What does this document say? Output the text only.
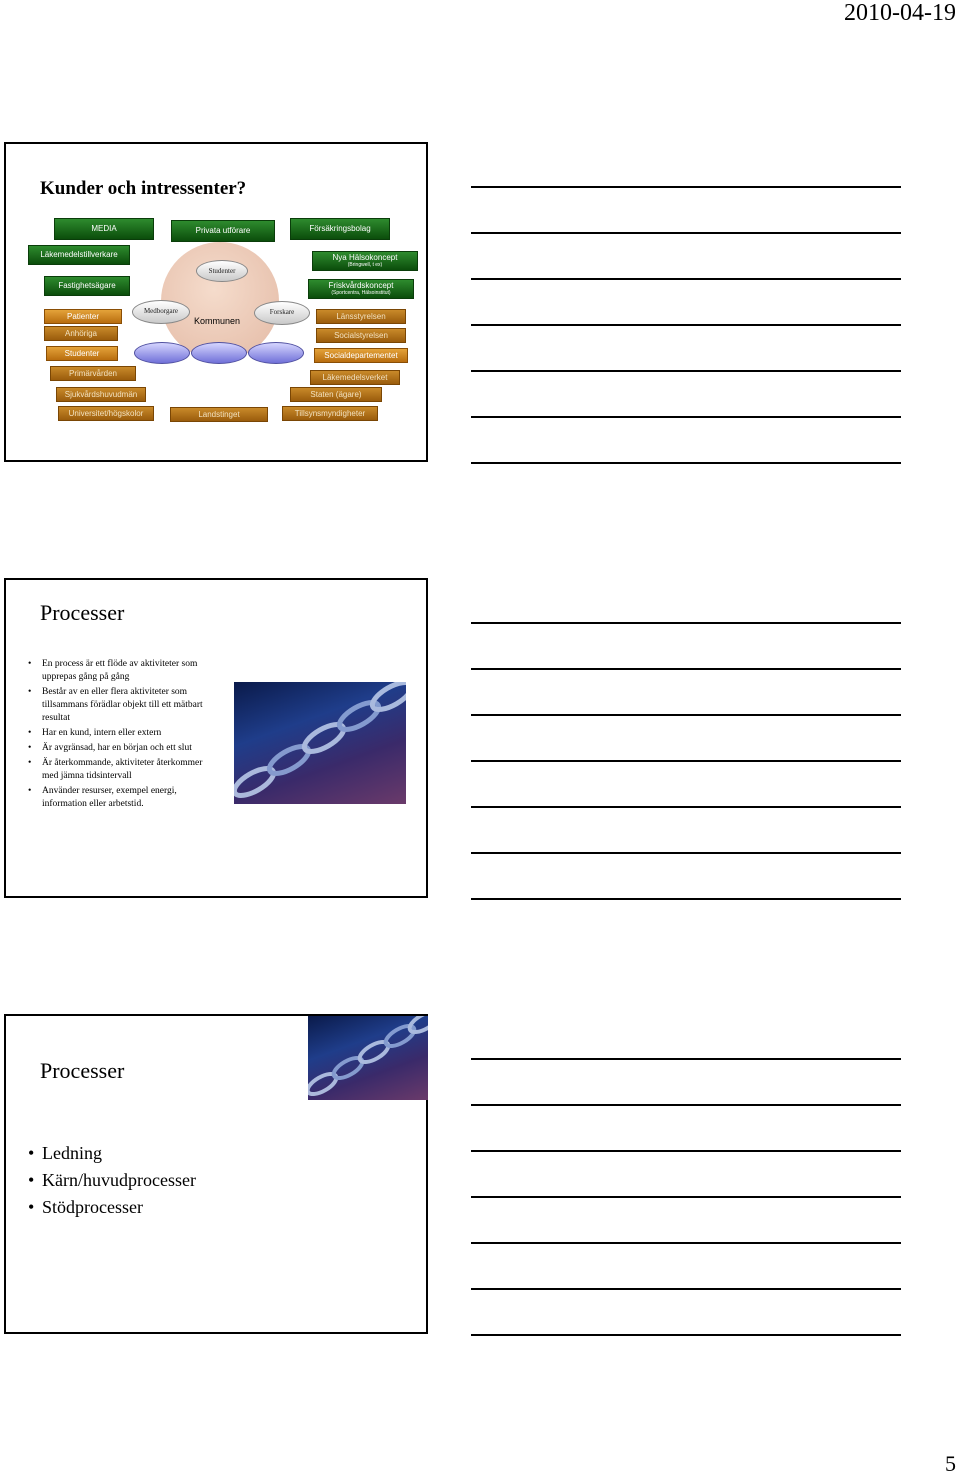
2010-04-19
Kunder och intressenter?
Kommunen
Studenter
Medborgare	Forskare
MEDIA	Privata utförare	Försäkringsbolag
Läkemedelstillverkare
Fastighetsägare
Nya Hälsokoncept
(Bringwell, t ex)
Friskvårdskoncept
(Sportcentra, Hälsoinstitut)
Patienter
Anhöriga
Studenter
Primärvården
Sjukvårdshuvudmän
Universitet/högskolor	Landstinget	Tillsynsmyndigheter
Länsstyrelsen
Socialstyrelsen
Socialdepartementet
Läkemedelsverket
Staten (ägare)
Processer
• En process är ett flöde av aktiviteter som upprepas gång på gång
• Består av en eller flera aktiviteter som tillsammans förädlar objekt till ett mätbart resultat
• Har en kund, intern eller extern
• Är avgränsad, har en början och ett slut
• Är återkommande, aktiviteter återkommer med jämna tidsintervall
• Använder resurser, exempel energi, information eller arbetstid.
Processer
• Ledning
• Kärn/huvudprocesser
• Stödprocesser
5
